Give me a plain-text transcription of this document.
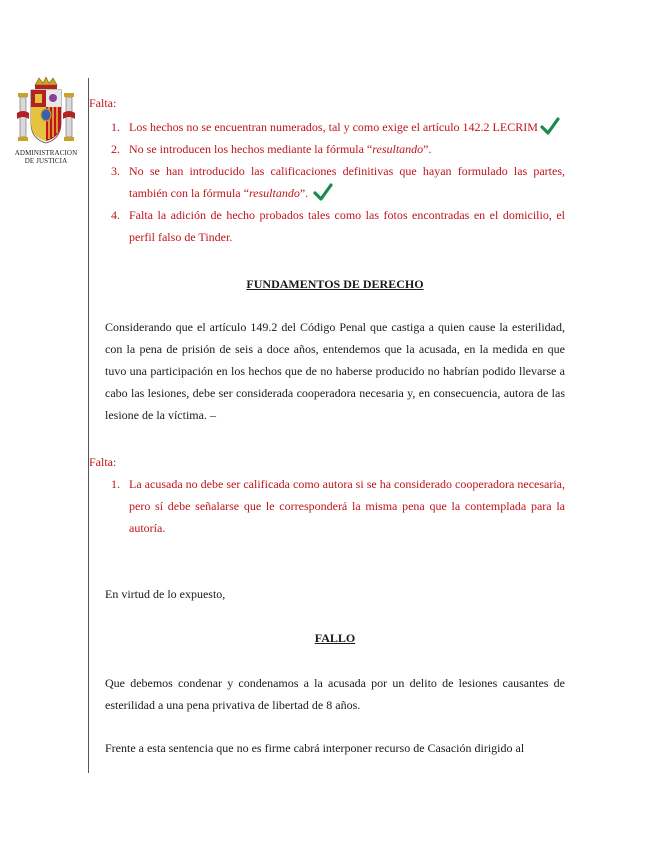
ADMINISTRACION
DE JUSTICIA
Falta:
1. Los hechos no se encuentran numerados, tal y como exige el artículo 142.2 LECRIM
2. No se introducen los hechos mediante la fórmula “resultando”.
3. No se han introducido las calificaciones definitivas que hayan formulado las partes, también con la fórmula “resultando”.
4. Falta la adición de hecho probados tales como las fotos encontradas en el domicilio, el perfil falso de Tinder.
FUNDAMENTOS DE DERECHO

Considerando que el artículo 149.2 del Código Penal que castiga a quien cause la esterilidad, con la pena de prisión de seis a doce años, entendemos que la acusada, en la medida en que tuvo una participación en los hechos que de no haberse producido no habrían podido llevarse a cabo las lesiones, debe ser considerada cooperadora necesaria y, en consecuencia, autora de las lesione de la víctima. –

Falta:
1. La acusada no debe ser calificada como autora si se ha considerado cooperadora necesaria, pero sí debe señalarse que le corresponderá la misma pena que la contemplada para la autoría.

En virtud de lo expuesto,

FALLO

Que debemos condenar y condenamos a la acusada por un delito de lesiones causantes de esterilidad a una pena privativa de libertad de 8 años.

Frente a esta sentencia que no es firme cabrá interponer recurso de Casación dirigido al
